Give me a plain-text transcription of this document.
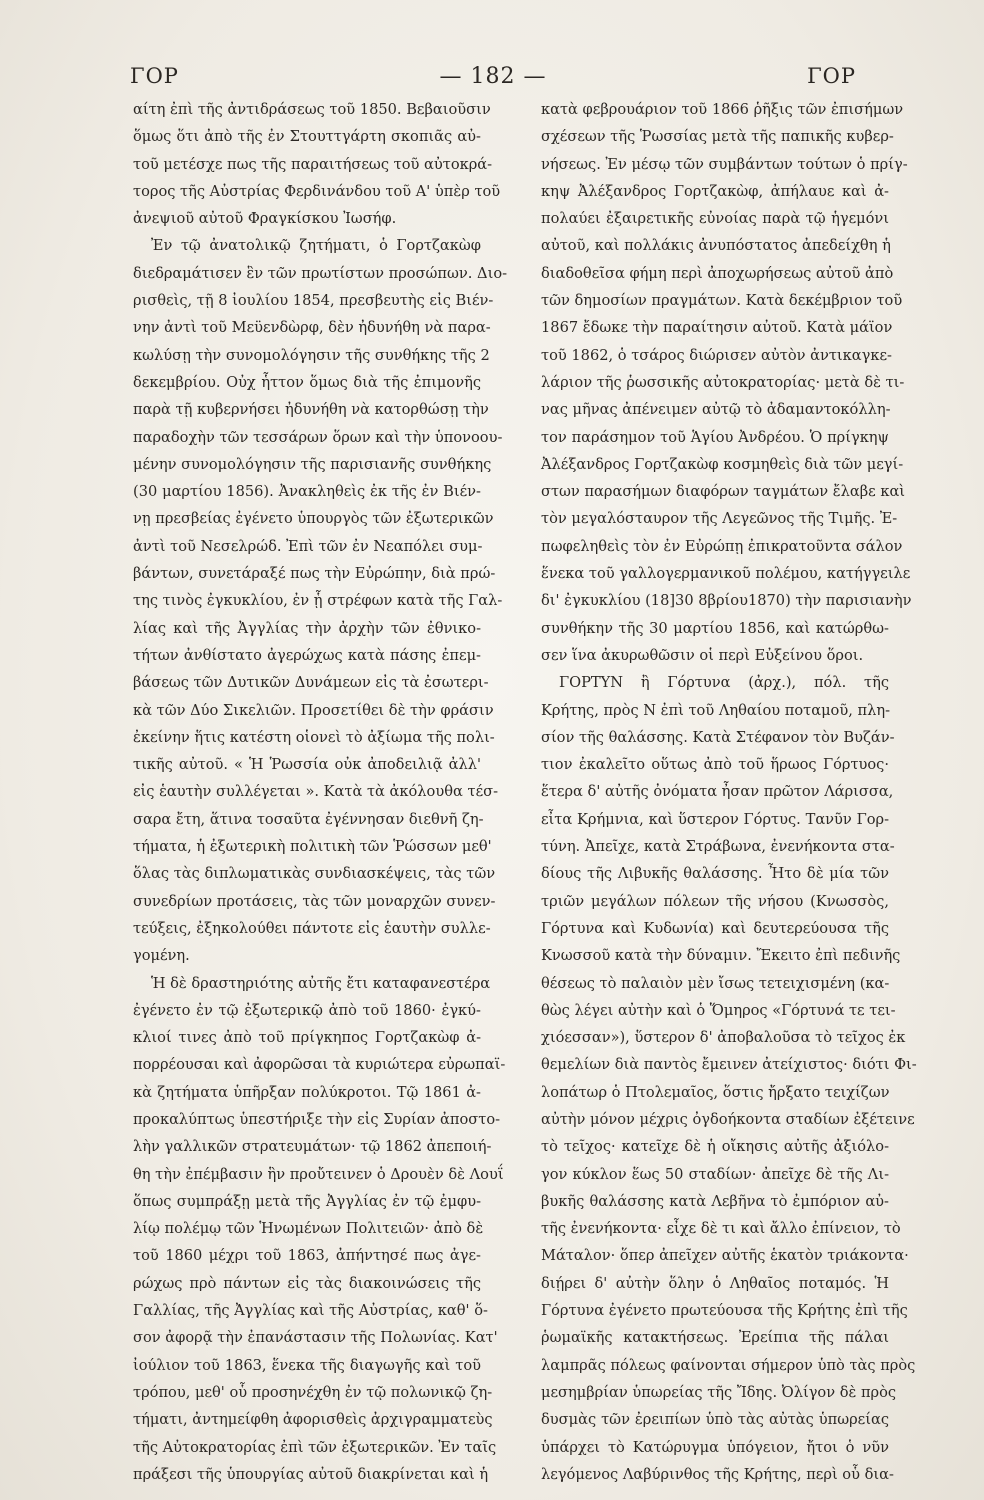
ΓΟΡ	— 182 —	ΓΟΡ
αίτη ἐπὶ τῆς ἀντιδράσεως τοῦ 1850. Βεβαιοῦσιν
ὅμως ὅτι ἀπὸ τῆς ἐν Στουττγάρτη σκοπιᾶς αὐ-
τοῦ μετέσχε πως τῆς παραιτήσεως τοῦ αὐτοκρά-
τορος τῆς Αὐστρίας Φερδινάνδου τοῦ Α' ὑπὲρ τοῦ
ἀνεψιοῦ αὐτοῦ Φραγκίσκου Ἰωσήφ.
Ἐν τῷ ἀνατολικῷ ζητήματι, ὁ Γορτζακὼφ
διεδραμάτισεν ἓν τῶν πρωτίστων προσώπων. Διο-
ρισθεὶς, τῇ 8 ἰουλίου 1854, πρεσβευτὴς εἰς Βιέν-
νην ἀντὶ τοῦ Μεϋενδὼρφ, δὲν ἠδυνήθη νὰ παρα-
κωλύσῃ τὴν συνομολόγησιν τῆς συνθήκης τῆς 2
δεκεμβρίου. Οὐχ ἧττον ὅμως διὰ τῆς ἐπιμονῆς
παρὰ τῇ κυβερνήσει ἠδυνήθη νὰ κατορθώσῃ τὴν
παραδοχὴν τῶν τεσσάρων ὅρων καὶ τὴν ὑπονοου-
μένην συνομολόγησιν τῆς παρισιανῆς συνθήκης
(30 μαρτίου 1856). Ἀνακληθεὶς ἐκ τῆς ἐν Βιέν-
νῃ πρεσβείας ἐγένετο ὑπουργὸς τῶν ἐξωτερικῶν
ἀντὶ τοῦ Νεσελρώδ. Ἐπὶ τῶν ἐν Νεαπόλει συμ-
βάντων, συνετάραξέ πως τὴν Εὐρώπην, διὰ πρώ-
της τινὸς ἐγκυκλίου, ἐν ᾗ στρέφων κατὰ τῆς Γαλ-
λίας καὶ τῆς Ἀγγλίας τὴν ἀρχὴν τῶν ἐθνικο-
τήτων ἀνθίστατο ἀγερώχως κατὰ πάσης ἐπεμ-
βάσεως τῶν Δυτικῶν Δυνάμεων εἰς τὰ ἐσωτερι-
κὰ τῶν Δύο Σικελιῶν. Προσετίθει δὲ τὴν φράσιν
ἐκείνην ἥτις κατέστη οἱονεὶ τὸ ἀξίωμα τῆς πολι-
τικῆς αὐτοῦ. « Ἡ Ῥωσσία οὐκ ἀποδειλιᾷ ἀλλ'
εἰς ἑαυτὴν συλλέγεται ». Κατὰ τὰ ἀκόλουθα τέσ-
σαρα ἔτη, ἅτινα τοσαῦτα ἐγέννησαν διεθνῆ ζη-
τήματα, ἡ ἐξωτερικὴ πολιτικὴ τῶν Ῥώσσων μεθ'
ὅλας τὰς διπλωματικὰς συνδιασκέψεις, τὰς τῶν
συνεδρίων προτάσεις, τὰς τῶν μοναρχῶν συνεν-
τεύξεις, ἐξηκολούθει πάντοτε εἰς ἑαυτὴν συλλε-
γομένη.
Ἡ δὲ δραστηριότης αὐτῆς ἔτι καταφανεστέρα
ἐγένετο ἐν τῷ ἐξωτερικῷ ἀπὸ τοῦ 1860· ἐγκύ-
κλιοί τινες ἀπὸ τοῦ πρίγκηπος Γορτζακὼφ ἀ-
πορρέουσαι καὶ ἀφορῶσαι τὰ κυριώτερα εὐρωπαϊ-
κὰ ζητήματα ὑπῆρξαν πολύκροτοι. Τῷ 1861 ἀ-
προκαλύπτως ὑπεστήριξε τὴν εἰς Συρίαν ἀποστο-
λὴν γαλλικῶν στρατευμάτων· τῷ 1862 ἀπεποιή-
θη τὴν ἐπέμβασιν ἣν προὔτεινεν ὁ Δρουὲν δὲ Λουΐ
ὅπως συμπράξῃ μετὰ τῆς Ἀγγλίας ἐν τῷ ἐμφυ-
λίῳ πολέμῳ τῶν Ἡνωμένων Πολιτειῶν· ἀπὸ δὲ
τοῦ 1860 μέχρι τοῦ 1863, ἀπήντησέ πως ἀγε-
ρώχως πρὸ πάντων εἰς τὰς διακοινώσεις τῆς
Γαλλίας, τῆς Ἀγγλίας καὶ τῆς Αὐστρίας, καθ' ὅ-
σον ἀφορᾷ τὴν ἐπανάστασιν τῆς Πολωνίας. Κατ'
ἰούλιον τοῦ 1863, ἕνεκα τῆς διαγωγῆς καὶ τοῦ
τρόπου, μεθ' οὗ προσηνέχθη ἐν τῷ πολωνικῷ ζη-
τήματι, ἀντημείφθη ἀφορισθεὶς ἀρχιγραμματεὺς
τῆς Αὐτοκρατορίας ἐπὶ τῶν ἐξωτερικῶν. Ἐν ταῖς
πράξεσι τῆς ὑπουργίας αὐτοῦ διακρίνεται καὶ ἡ
κατὰ φεβρουάριον τοῦ 1866 ῥῆξις τῶν ἐπισήμων
σχέσεων τῆς Ῥωσσίας μετὰ τῆς παπικῆς κυβερ-
νήσεως. Ἐν μέσῳ τῶν συμβάντων τούτων ὁ πρίγ-
κηψ Ἀλέξανδρος Γορτζακὼφ, ἀπήλαυε καὶ ἀ-
πολαύει ἐξαιρετικῆς εὐνοίας παρὰ τῷ ἡγεμόνι
αὐτοῦ, καὶ πολλάκις ἀνυπόστατος ἀπεδείχθη ἡ
διαδοθεῖσα φήμη περὶ ἀποχωρήσεως αὐτοῦ ἀπὸ
τῶν δημοσίων πραγμάτων. Κατὰ δεκέμβριον τοῦ
1867 ἔδωκε τὴν παραίτησιν αὐτοῦ. Κατὰ μάϊον
τοῦ 1862, ὁ τσάρος διώρισεν αὐτὸν ἀντικαγκε-
λάριον τῆς ῥωσσικῆς αὐτοκρατορίας· μετὰ δὲ τι-
νας μῆνας ἀπένειμεν αὐτῷ τὸ ἀδαμαντοκόλλη-
τον παράσημον τοῦ Ἁγίου Ἀνδρέου. Ὁ πρίγκηψ
Ἀλέξανδρος Γορτζακὼφ κοσμηθεὶς διὰ τῶν μεγί-
στων παρασήμων διαφόρων ταγμάτων ἔλαβε καὶ
τὸν μεγαλόσταυρον τῆς Λεγεῶνος τῆς Τιμῆς. Ἐ-
πωφεληθεὶς τὸν ἐν Εὐρώπῃ ἐπικρατοῦντα σάλον
ἕνεκα τοῦ γαλλογερμανικοῦ πολέμου, κατήγγειλε
δι' ἐγκυκλίου (18]30 8βρίου1870) τὴν παρισιανὴν
συνθήκην τῆς 30 μαρτίου 1856, καὶ κατώρθω-
σεν ἵνα ἀκυρωθῶσιν οἱ περὶ Εὐξείνου ὅροι.
ΓΟΡΤΥΝ ἢ Γόρτυνα (ἀρχ.), πόλ. τῆς
Κρήτης, πρὸς Ν ἐπὶ τοῦ Ληθαίου ποταμοῦ, πλη-
σίον τῆς θαλάσσης. Κατὰ Στέφανον τὸν Βυζάν-
τιον ἐκαλεῖτο οὕτως ἀπὸ τοῦ ἥρωος Γόρτυος·
ἕτερα δ' αὐτῆς ὀνόματα ἦσαν πρῶτον Λάρισσα,
εἶτα Κρήμνια, καὶ ὕστερον Γόρτυς. Τανῦν Γορ-
τύνη. Ἀπεῖχε, κατὰ Στράβωνα, ἐνενήκοντα στα-
δίους τῆς Λιβυκῆς θαλάσσης. Ἦτο δὲ μία τῶν
τριῶν μεγάλων πόλεων τῆς νήσου (Κνωσσὸς,
Γόρτυνα καὶ Κυδωνία) καὶ δευτερεύουσα τῆς
Κνωσσοῦ κατὰ τὴν δύναμιν. Ἔκειτο ἐπὶ πεδινῆς
θέσεως τὸ παλαιὸν μὲν ἴσως τετειχισμένη (κα-
θὼς λέγει αὐτὴν καὶ ὁ Ὅμηρος «Γόρτυνά τε τει-
χιόεσσαν»), ὕστερον δ' ἀποβαλοῦσα τὸ τεῖχος ἐκ
θεμελίων διὰ παντὸς ἔμεινεν ἀτείχιστος· διότι Φι-
λοπάτωρ ὁ Πτολεμαῖος, ὅστις ἤρξατο τειχίζων
αὐτὴν μόνον μέχρις ὀγδοήκοντα σταδίων ἐξέτεινε
τὸ τεῖχος· κατεῖχε δὲ ἡ οἴκησις αὐτῆς ἀξιόλο-
γον κύκλον ἕως 50 σταδίων· ἀπεῖχε δὲ τῆς Λι-
βυκῆς θαλάσσης κατὰ Λεβῆνα τὸ ἐμπόριον αὐ-
τῆς ἐνενήκοντα· εἶχε δὲ τι καὶ ἄλλο ἐπίνειον, τὸ
Μάταλον· ὅπερ ἀπεῖχεν αὐτῆς ἑκατὸν τριάκοντα·
διῄρει δ' αὐτὴν ὅλην ὁ Ληθαῖος ποταμός. Ἡ
Γόρτυνα ἐγένετο πρωτεύουσα τῆς Κρήτης ἐπὶ τῆς
ῥωμαϊκῆς κατακτήσεως. Ἐρείπια τῆς πάλαι
λαμπρᾶς πόλεως φαίνονται σήμερον ὑπὸ τὰς πρὸς
μεσημβρίαν ὑπωρείας τῆς Ἴδης. Ὀλίγον δὲ πρὸς
δυσμὰς τῶν ἐρειπίων ὑπὸ τὰς αὐτὰς ὑπωρείας
ὑπάρχει τὸ Κατώρυγμα ὑπόγειον, ἤτοι ὁ νῦν
λεγόμενος Λαβύρινθος τῆς Κρήτης, περὶ οὗ δια-
